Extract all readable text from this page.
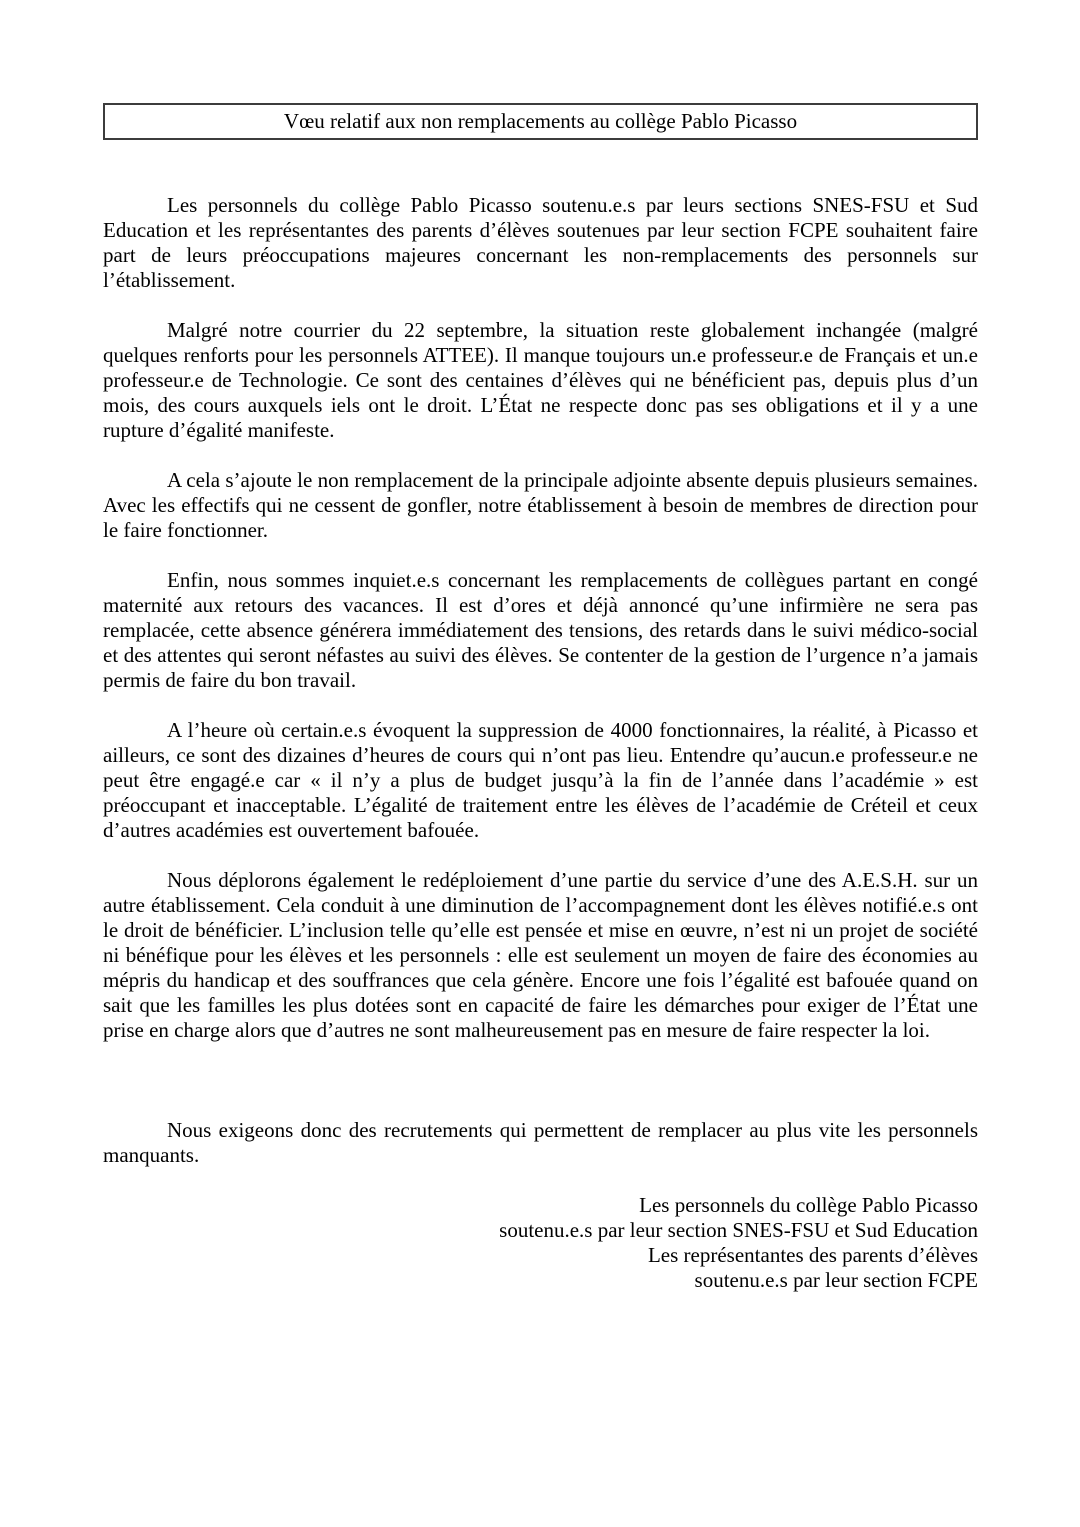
Vœu relatif aux non remplacements au collège Pablo Picasso

Les personnels du collège Pablo Picasso soutenu.e.s par leurs sections SNES-FSU et Sud Education et les représentantes des parents d’élèves soutenues par leur section FCPE souhaitent faire part de leurs préoccupations majeures concernant les non-remplacements des personnels sur l’établissement.

Malgré notre courrier du 22 septembre, la situation reste globalement inchangée (malgré quelques renforts pour les personnels ATTEE). Il manque toujours un.e professeur.e de Français et un.e professeur.e de Technologie. Ce sont des centaines d’élèves qui ne bénéficient pas, depuis plus d’un mois, des cours auxquels iels ont le droit. L’État ne respecte donc pas ses obligations et il y a une rupture d’égalité manifeste.

A cela s’ajoute le non remplacement de la principale adjointe absente depuis plusieurs semaines. Avec les effectifs qui ne cessent de gonfler, notre établissement à besoin de membres de direction pour le faire fonctionner.

Enfin, nous sommes inquiet.e.s concernant les remplacements de collègues partant en congé maternité aux retours des vacances. Il est d’ores et déjà annoncé qu’une infirmière ne sera pas remplacée, cette absence générera immédiatement des tensions, des retards dans le suivi médico-social et des attentes qui seront néfastes au suivi des élèves. Se contenter de la gestion de l’urgence n’a jamais permis de faire du bon travail.

A l’heure où certain.e.s évoquent la suppression de 4000 fonctionnaires, la réalité, à Picasso et ailleurs, ce sont des dizaines d’heures de cours qui n’ont pas lieu. Entendre qu’aucun.e professeur.e ne peut être engagé.e car « il n’y a plus de budget jusqu’à la fin de l’année dans l’académie » est préoccupant et inacceptable. L’égalité de traitement entre les élèves de l’académie de Créteil et ceux d’autres académies est ouvertement bafouée.

Nous déplorons également le redéploiement d’une partie du service d’une des A.E.S.H. sur un autre établissement. Cela conduit à une diminution de l’accompagnement dont les élèves notifié.e.s ont le droit de bénéficier. L’inclusion telle qu’elle est pensée et mise en œuvre, n’est ni un projet de société ni bénéfique pour les élèves et les personnels : elle est seulement un moyen de faire des économies au mépris du handicap et des souffrances que cela génère. Encore une fois l’égalité est bafouée quand on sait que les familles les plus dotées sont en capacité de faire les démarches pour exiger de l’État une prise en charge alors que d’autres ne sont malheureusement pas en mesure de faire respecter la loi.

Nous exigeons donc des recrutements qui permettent de remplacer au plus vite les personnels manquants.

Les personnels du collège Pablo Picasso
soutenu.e.s par leur section SNES-FSU et Sud Education
Les représentantes des parents d’élèves
soutenu.e.s par leur section FCPE
